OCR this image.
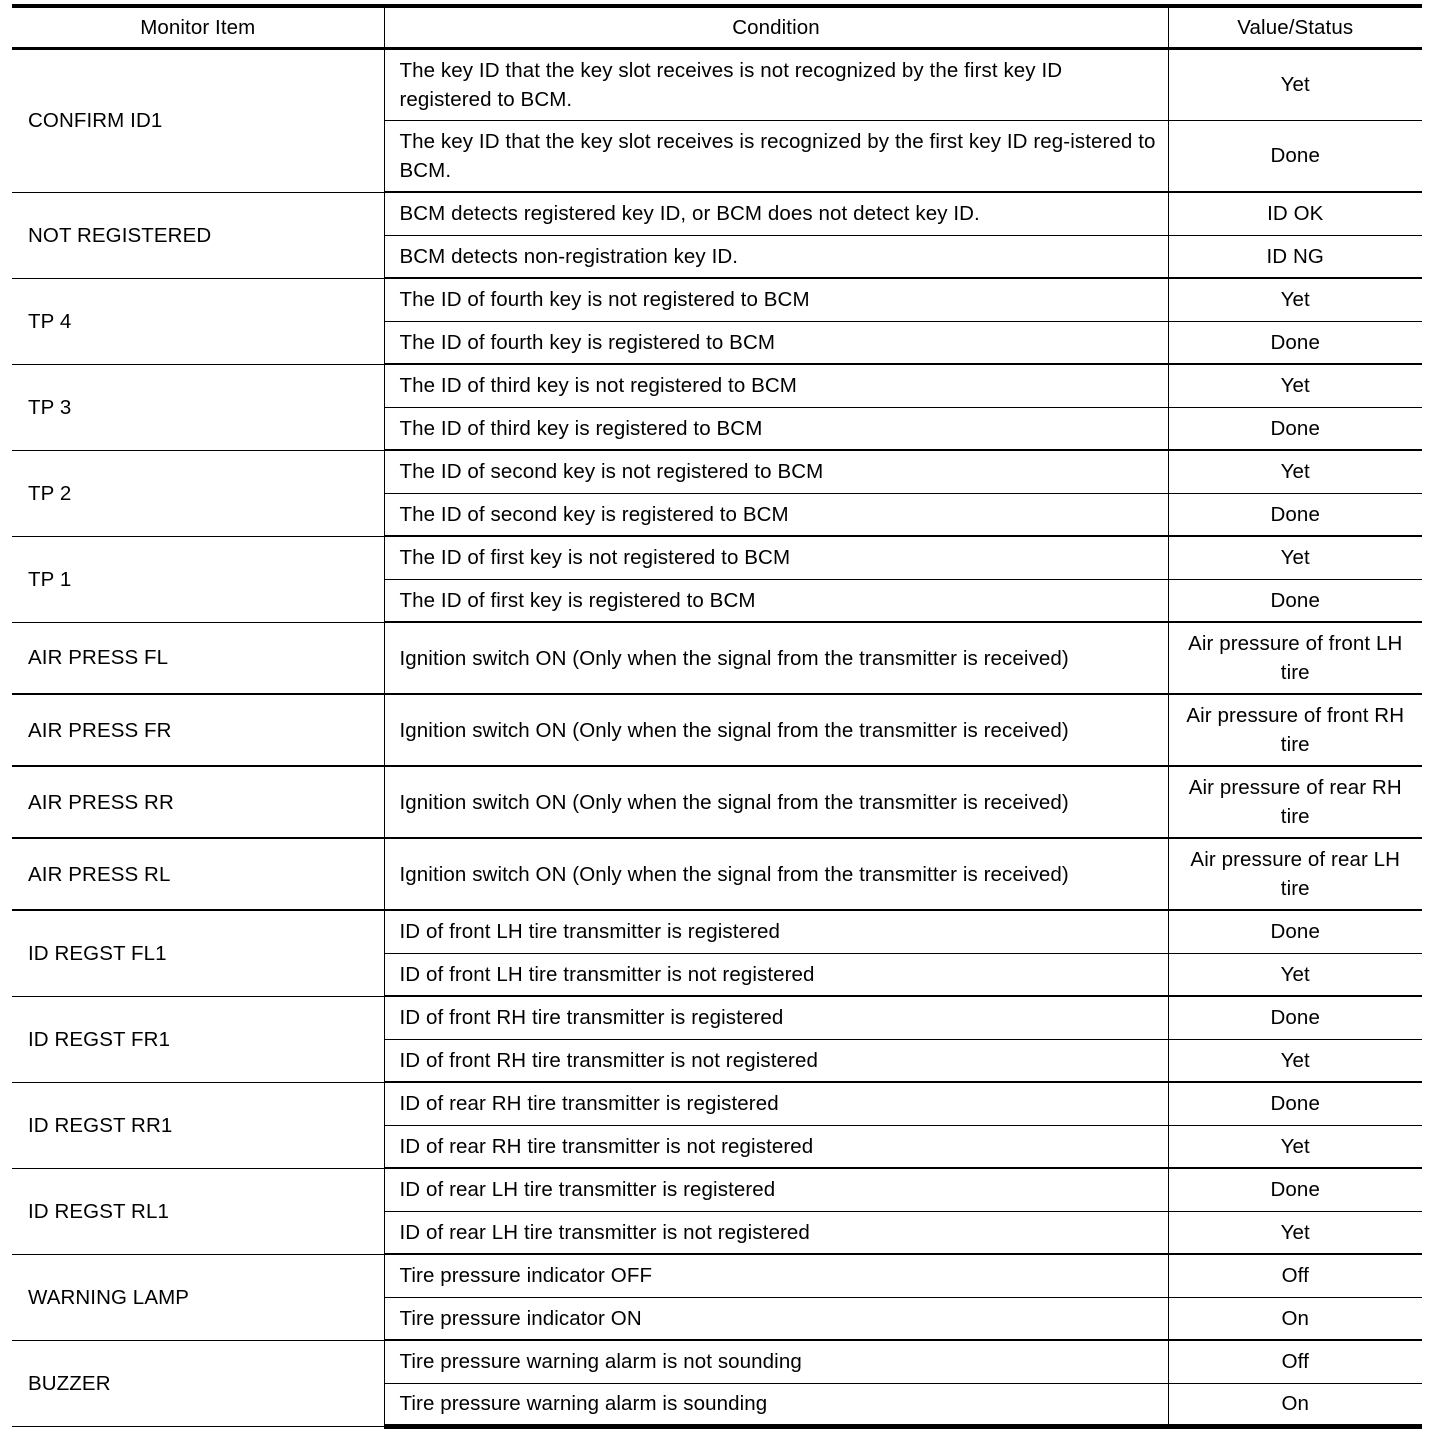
Monitor Item	Condition	Value/Status
CONFIRM ID1	The key ID that the key slot receives is not recognized by the first key ID registered to BCM.	Yet
	The key ID that the key slot receives is recognized by the first key ID reg-istered to BCM.	Done
NOT REGISTERED	BCM detects registered key ID, or BCM does not detect key ID.	ID OK
	BCM detects non-registration key ID.	ID NG
TP 4	The ID of fourth key is not registered to BCM	Yet
	The ID of fourth key is registered to BCM	Done
TP 3	The ID of third key is not registered to BCM	Yet
	The ID of third key is registered to BCM	Done
TP 2	The ID of second key is not registered to BCM	Yet
	The ID of second key is registered to BCM	Done
TP 1	The ID of first key is not registered to BCM	Yet
	The ID of first key is registered to BCM	Done
AIR PRESS FL	Ignition switch ON (Only when the signal from the transmitter is received)	Air pressure of front LH tire
AIR PRESS FR	Ignition switch ON (Only when the signal from the transmitter is received)	Air pressure of front RH tire
AIR PRESS RR	Ignition switch ON (Only when the signal from the transmitter is received)	Air pressure of rear RH tire
AIR PRESS RL	Ignition switch ON (Only when the signal from the transmitter is received)	Air pressure of rear LH tire
ID REGST FL1	ID of front LH tire transmitter is registered	Done
	ID of front LH tire transmitter is not registered	Yet
ID REGST FR1	ID of front RH tire transmitter is registered	Done
	ID of front RH tire transmitter is not registered	Yet
ID REGST RR1	ID of rear RH tire transmitter is registered	Done
	ID of rear RH tire transmitter is not registered	Yet
ID REGST RL1	ID of rear LH tire transmitter is registered	Done
	ID of rear LH tire transmitter is not registered	Yet
WARNING LAMP	Tire pressure indicator OFF	Off
	Tire pressure indicator ON	On
BUZZER	Tire pressure warning alarm is not sounding	Off
	Tire pressure warning alarm is sounding	On
